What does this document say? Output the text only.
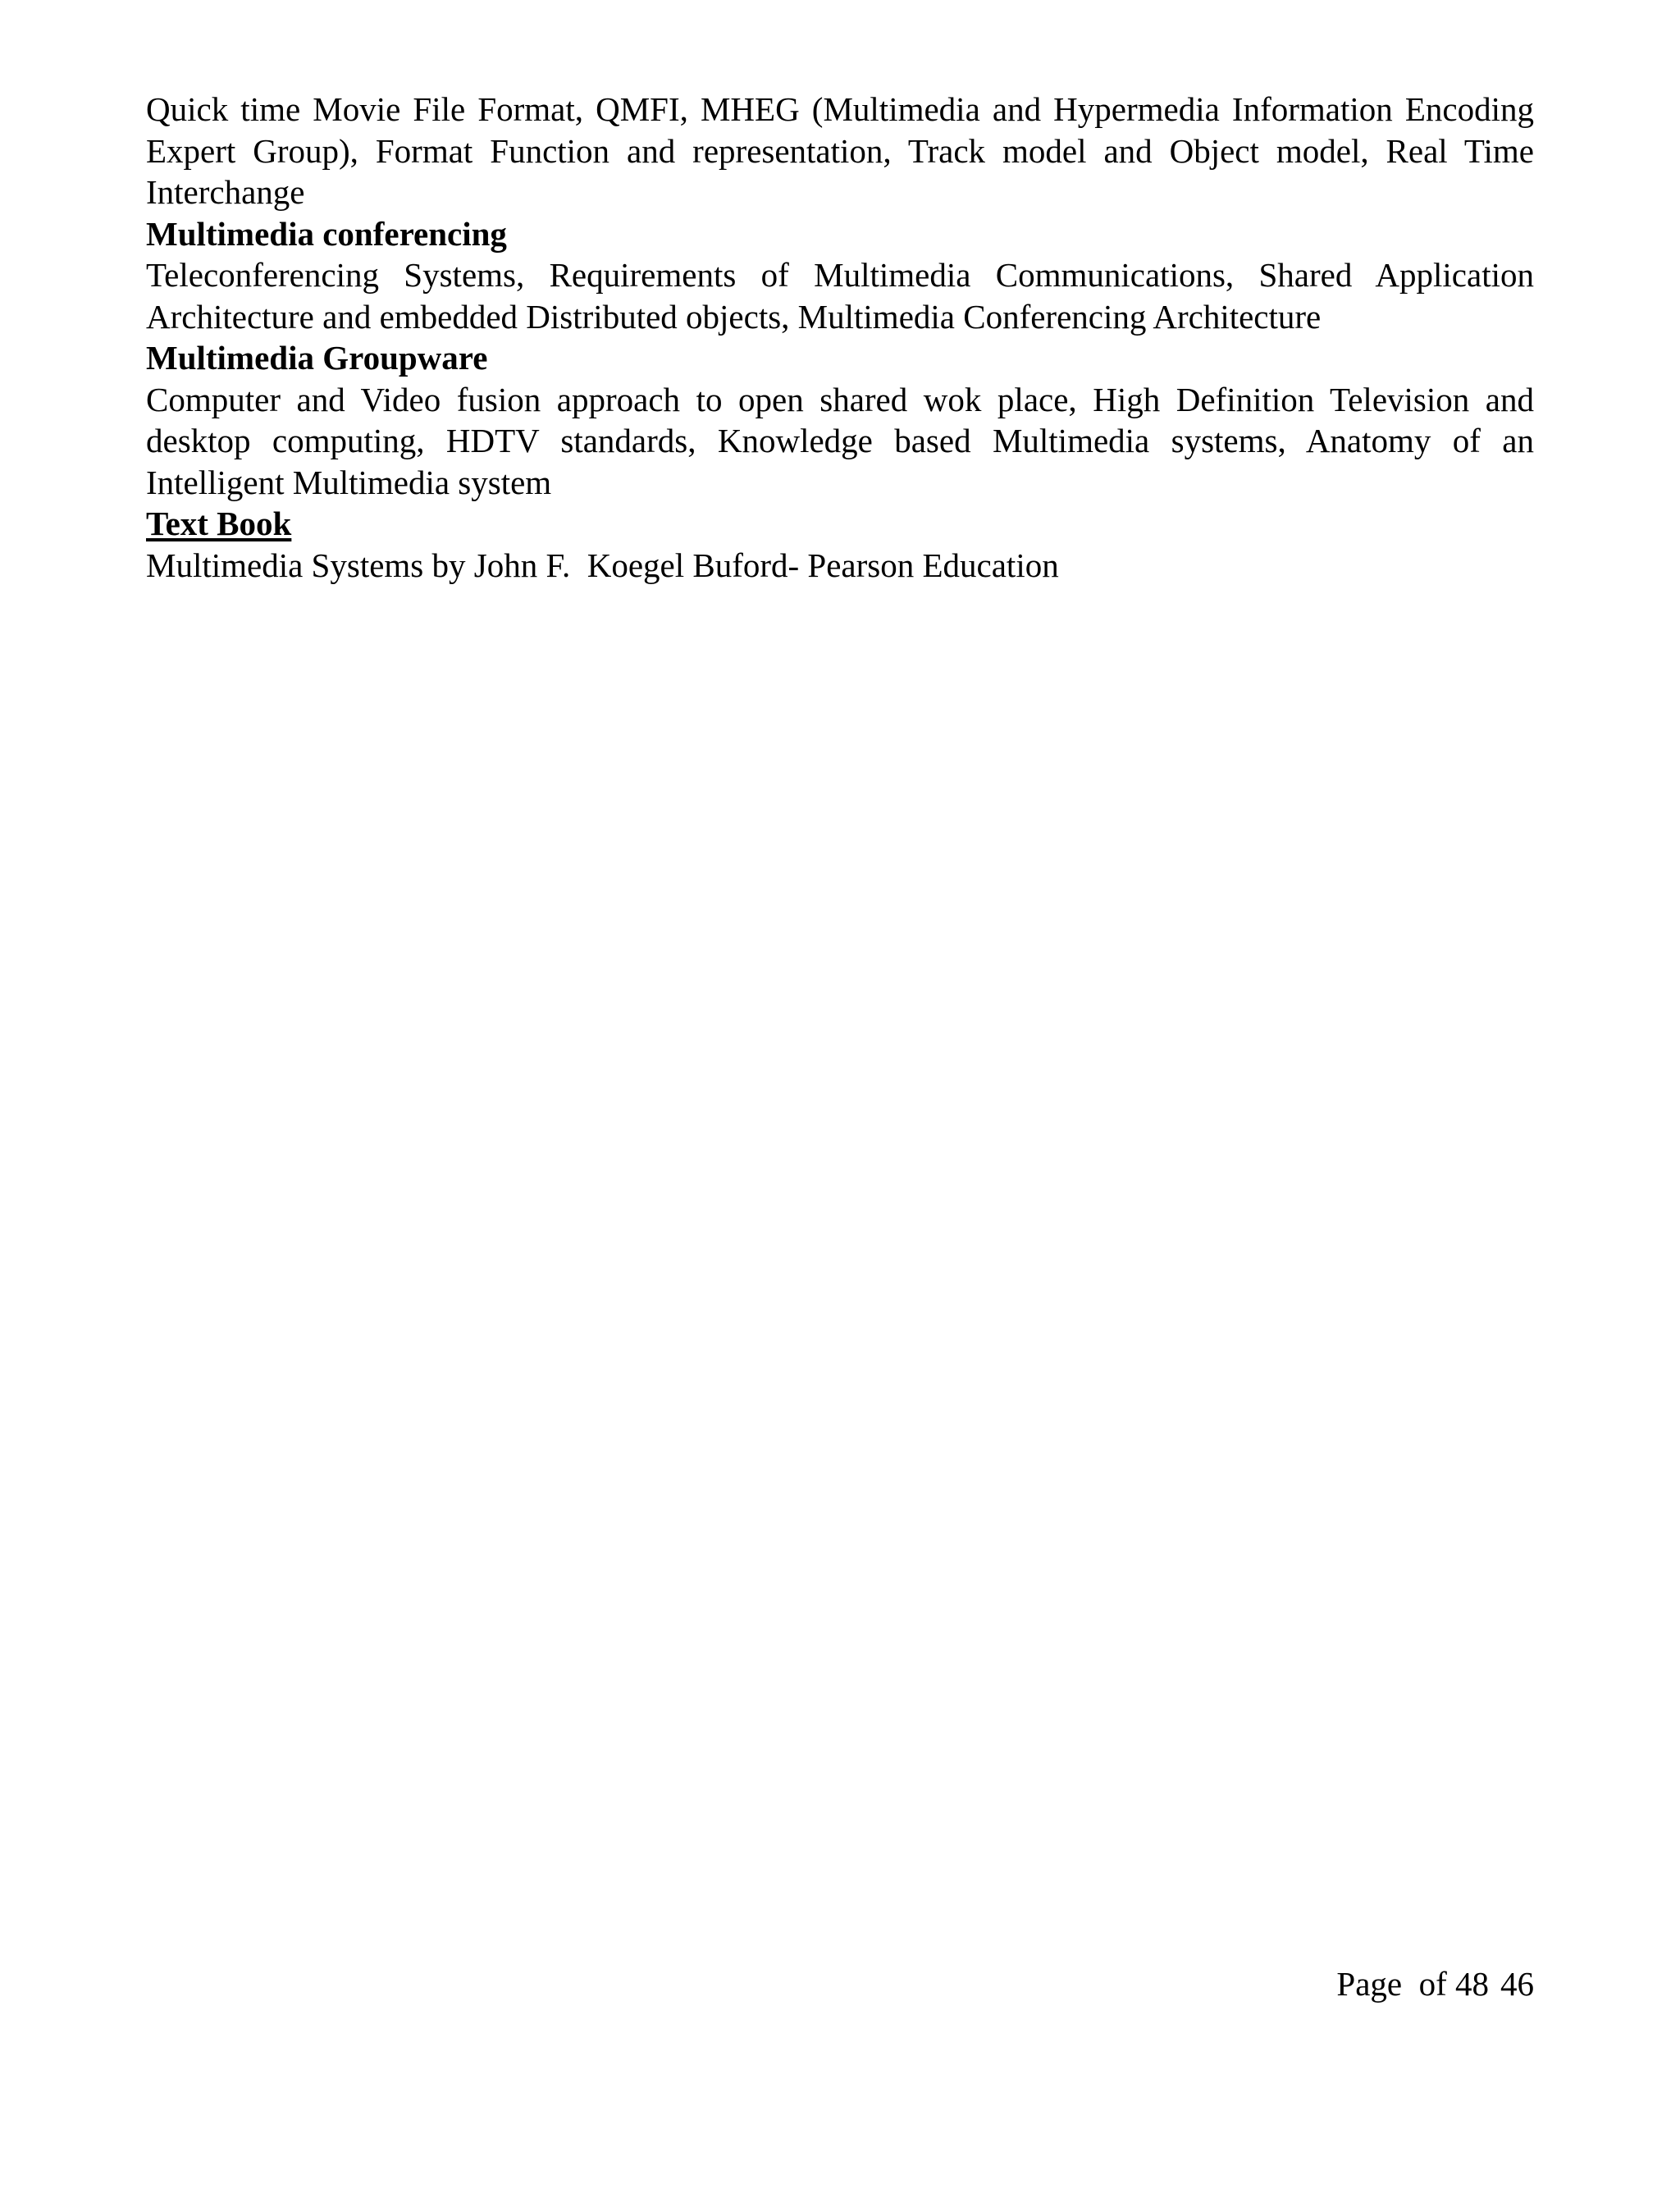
Quick time Movie File Format, QMFI, MHEG (Multimedia and Hypermedia Information Encoding Expert Group), Format Function and representation, Track model and Object model, Real Time Interchange

Multimedia conferencing

Teleconferencing Systems, Requirements of Multimedia Communications, Shared Application Architecture and embedded Distributed objects, Multimedia Conferencing Architecture

Multimedia Groupware

Computer and Video fusion approach to open shared wok place, High Definition Television and desktop computing, HDTV standards, Knowledge based Multimedia systems, Anatomy of an Intelligent Multimedia system

Text Book

Multimedia Systems by John F.  Koegel Buford- Pearson Education

Page  of 48 46
